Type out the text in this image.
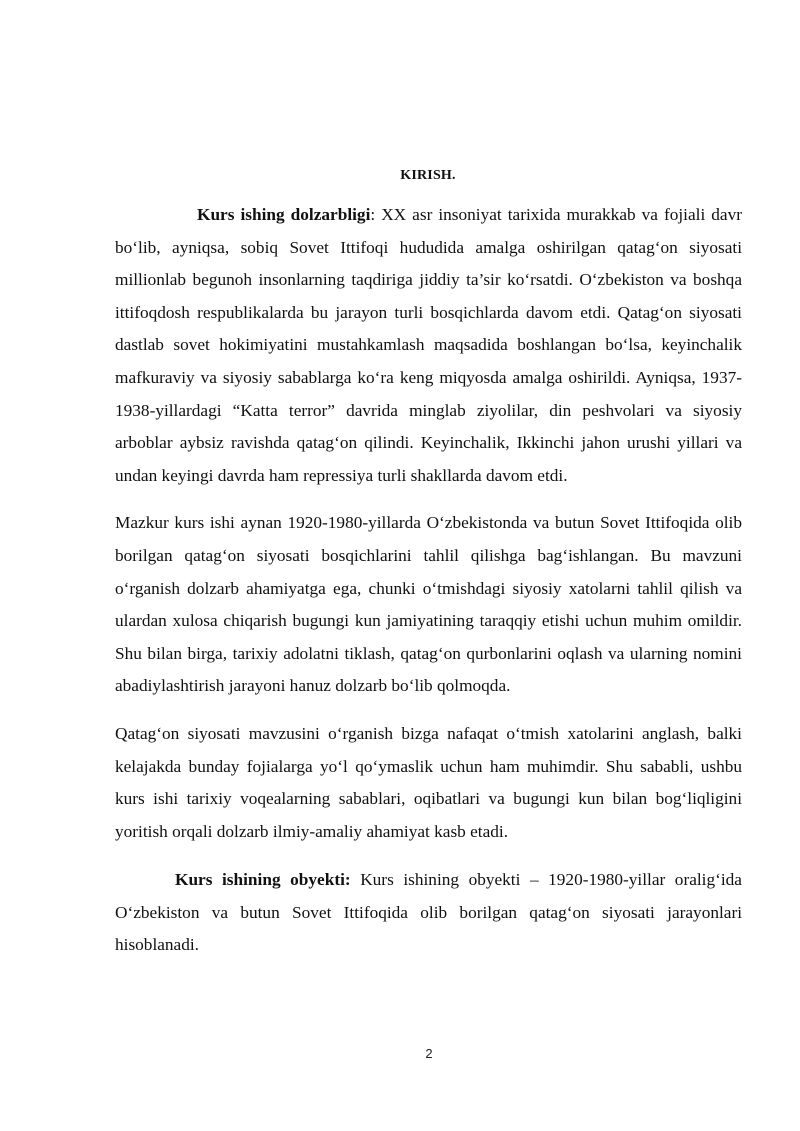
KIRISH.

Kurs ishing dolzarbligi: XX asr insoniyat tarixida murakkab va fojiali davr bo‘lib, ayniqsa, sobiq Sovet Ittifoqi hududida amalga oshirilgan qatag‘on siyosati millionlab begunoh insonlarning taqdiriga jiddiy ta’sir ko‘rsatdi. O‘zbekiston va boshqa ittifoqdosh respublikalarda bu jarayon turli bosqichlarda davom etdi. Qatag‘on siyosati dastlab sovet hokimiyatini mustahkamlash maqsadida boshlangan bo‘lsa, keyinchalik mafkuraviy va siyosiy sabablarga ko‘ra keng miqyosda amalga oshirildi. Ayniqsa, 1937-1938-yillardagi “Katta terror” davrida minglab ziyolilar, din peshvolari va siyosiy arboblar aybsiz ravishda qatag‘on qilindi. Keyinchalik, Ikkinchi jahon urushi yillari va undan keyingi davrda ham repressiya turli shakllarda davom etdi.

Mazkur kurs ishi aynan 1920-1980-yillarda O‘zbekistonda va butun Sovet Ittifoqida olib borilgan qatag‘on siyosati bosqichlarini tahlil qilishga bag‘ishlangan. Bu mavzuni o‘rganish dolzarb ahamiyatga ega, chunki o‘tmishdagi siyosiy xatolarni tahlil qilish va ulardan xulosa chiqarish bugungi kun jamiyatining taraqqiy etishi uchun muhim omildir. Shu bilan birga, tarixiy adolatni tiklash, qatag‘on qurbonlarini oqlash va ularning nomini abadiylashtirish jarayoni hanuz dolzarb bo‘lib qolmoqda.

Qatag‘on siyosati mavzusini o‘rganish bizga nafaqat o‘tmish xatolarini anglash, balki kelajakda bunday fojialarga yo‘l qo‘ymaslik uchun ham muhimdir. Shu sababli, ushbu kurs ishi tarixiy voqealarning sabablari, oqibatlari va bugungi kun bilan bog‘liqligini yoritish orqali dolzarb ilmiy-amaliy ahamiyat kasb etadi.

Kurs ishining obyekti: Kurs ishining obyekti – 1920-1980-yillar oralig‘ida O‘zbekiston va butun Sovet Ittifoqida olib borilgan qatag‘on siyosati jarayonlari hisoblanadi.

2
